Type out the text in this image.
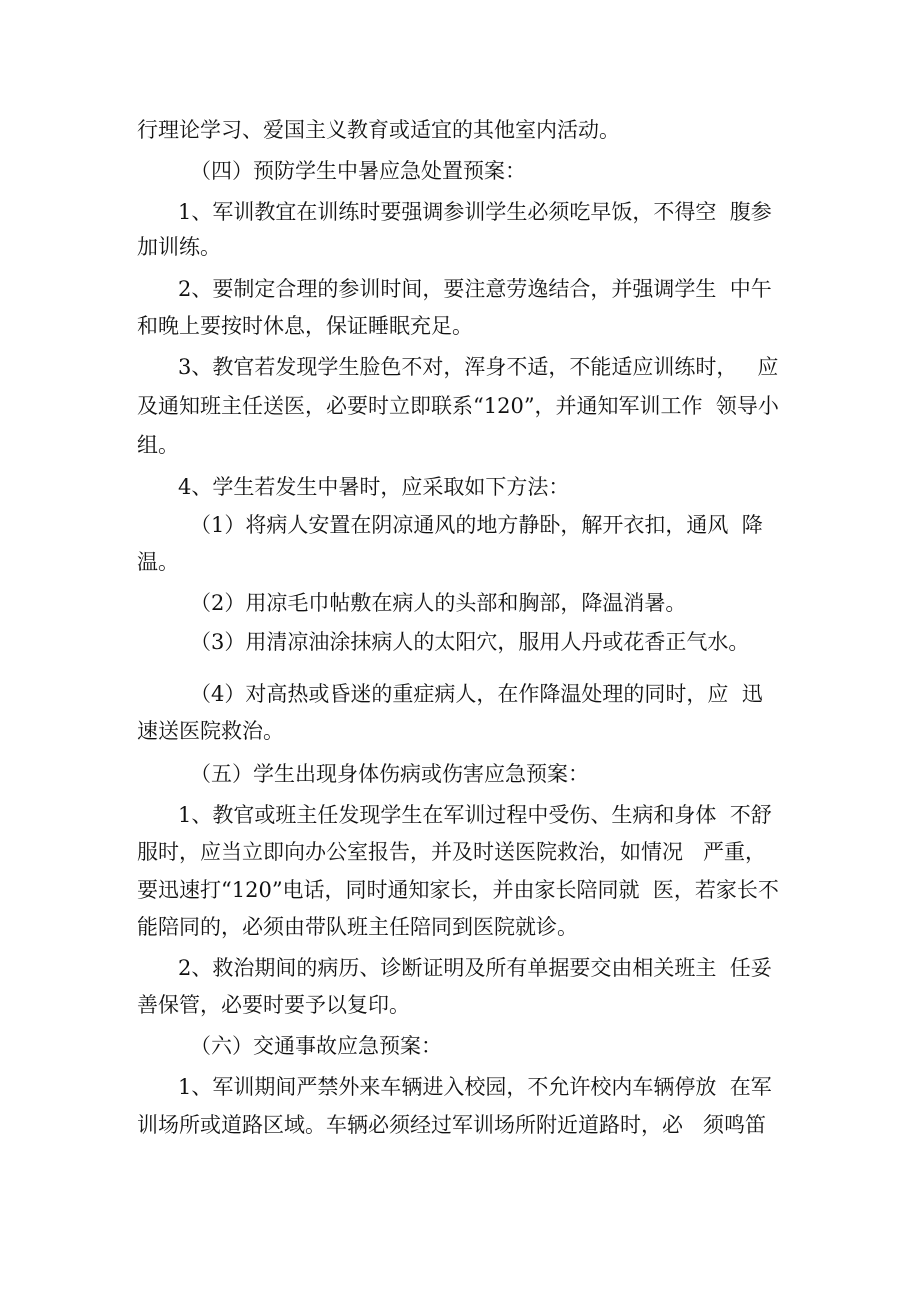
行理论学习、爱国主义教育或适宜的其他室内活动。
（四）预防学生中暑应急处置预案：
1、军训教宜在训练时要强调参训学生必须吃早饭，不得空  腹参
加训练。
2、要制定合理的参训时间，要注意劳逸结合，并强调学生  中午
和晚上要按时休息，保证睡眠充足。
3、教官若发现学生脸色不对，浑身不适，不能适应训练时，   应
及通知班主任送医，必要时立即联系“120”，并通知军训工作  领导小
组。
4、学生若发生中暑时，应采取如下方法：
（1）将病人安置在阴凉通风的地方静卧，解开衣扣，通风  降
温。
（2）用凉毛巾帖敷在病人的头部和胸部，降温消暑。
（3）用清凉油涂抹病人的太阳穴，服用人丹或花香正气水。
（4）对高热或昏迷的重症病人，在作降温处理的同时，应  迅
速送医院救治。
（五）学生出现身体伤病或伤害应急预案：
1、教官或班主任发现学生在军训过程中受伤、生病和身体  不舒
服时，应当立即向办公室报告，并及时送医院救治，如情况   严重，
要迅速打“120”电话，同时通知家长，并由家长陪同就  医，若家长不
能陪同的，必须由带队班主任陪同到医院就诊。
2、救治期间的病历、诊断证明及所有单据要交由相关班主  任妥
善保管，必要时要予以复印。
（六）交通事故应急预案：
1、军训期间严禁外来车辆进入校园，不允许校内车辆停放  在军
训场所或道路区域。车辆必须经过军训场所附近道路时，必   须鸣笛
